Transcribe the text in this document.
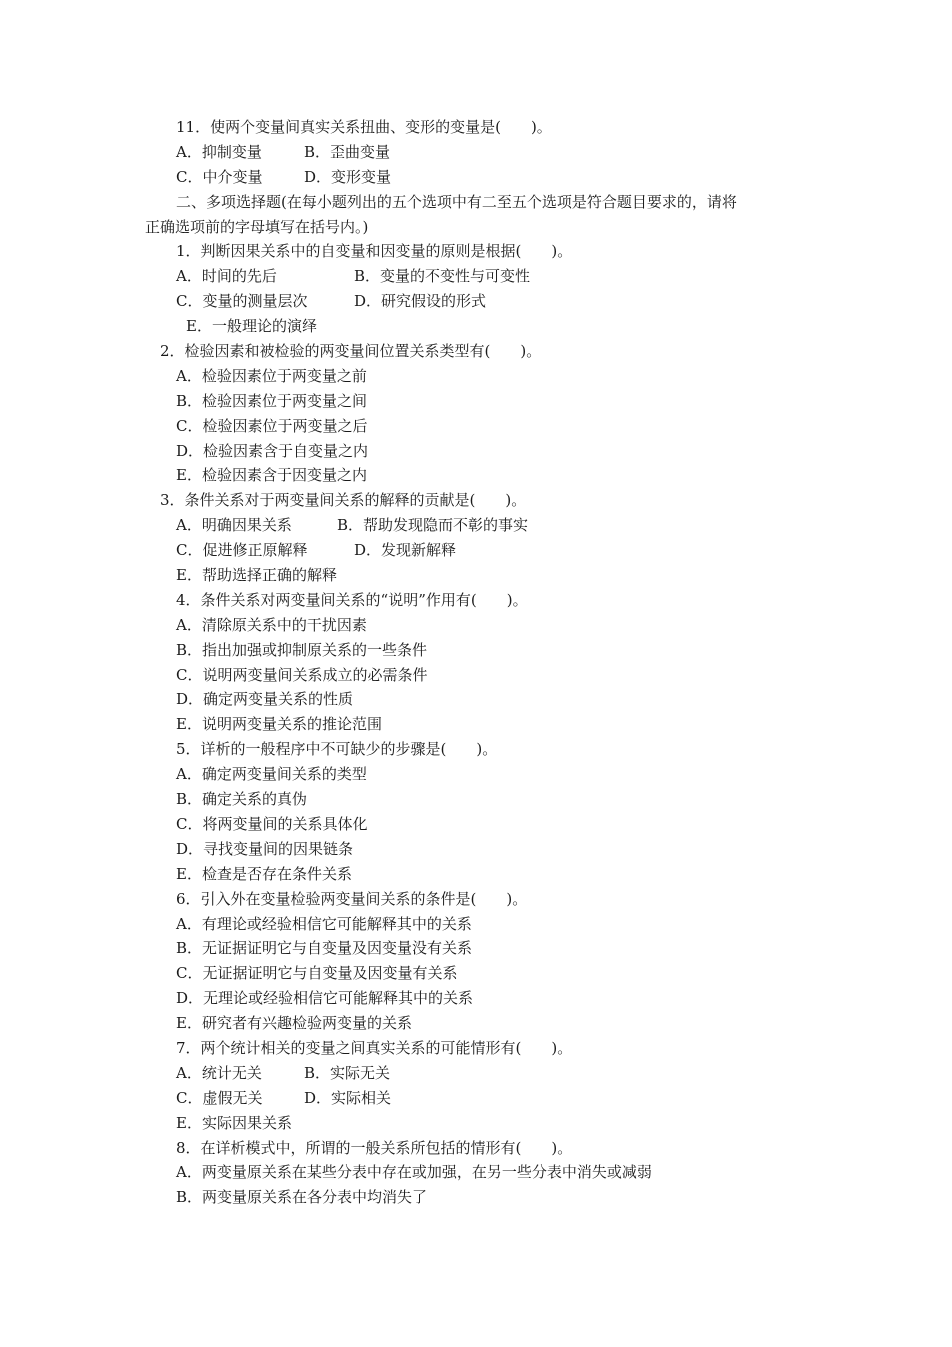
11．使两个变量间真实关系扭曲、变形的变量是(　　)。
A．抑制变量	B．歪曲变量
C．中介变量	D．变形变量
二、多项选择题(在每小题列出的五个选项中有二至五个选项是符合题目要求的，请将
正确选项前的字母填写在括号内。)
1．判断因果关系中的自变量和因变量的原则是根据(　　)。
A．时间的先后	B．变量的不变性与可变性
C．变量的测量层次	D．研究假设的形式
E．一般理论的演绎
2．检验因素和被检验的两变量间位置关系类型有(　　)。
A．检验因素位于两变量之前
B．检验因素位于两变量之间
C．检验因素位于两变量之后
D．检验因素含于自变量之内
E．检验因素含于因变量之内
3．条件关系对于两变量间关系的解释的贡献是(　　)。
A．明确因果关系	B．帮助发现隐而不彰的事实
C．促进修正原解释	D．发现新解释
E．帮助选择正确的解释
4．条件关系对两变量间关系的“说明”作用有(　　)。
A．清除原关系中的干扰因素
B．指出加强或抑制原关系的一些条件
C．说明两变量间关系成立的必需条件
D．确定两变量关系的性质
E．说明两变量关系的推论范围
5．详析的一般程序中不可缺少的步骤是(　　)。
A．确定两变量间关系的类型
B．确定关系的真伪
C．将两变量间的关系具体化
D．寻找变量间的因果链条
E．检查是否存在条件关系
6．引入外在变量检验两变量间关系的条件是(　　)。
A．有理论或经验相信它可能解释其中的关系
B．无证据证明它与自变量及因变量没有关系
C．无证据证明它与自变量及因变量有关系
D．无理论或经验相信它可能解释其中的关系
E．研究者有兴趣检验两变量的关系
7．两个统计相关的变量之间真实关系的可能情形有(　　)。
A．统计无关	B．实际无关
C．虚假无关	D．实际相关
E．实际因果关系
8．在详析模式中，所谓的一般关系所包括的情形有(　　)。
A．两变量原关系在某些分表中存在或加强，在另一些分表中消失或减弱
B．两变量原关系在各分表中均消失了
